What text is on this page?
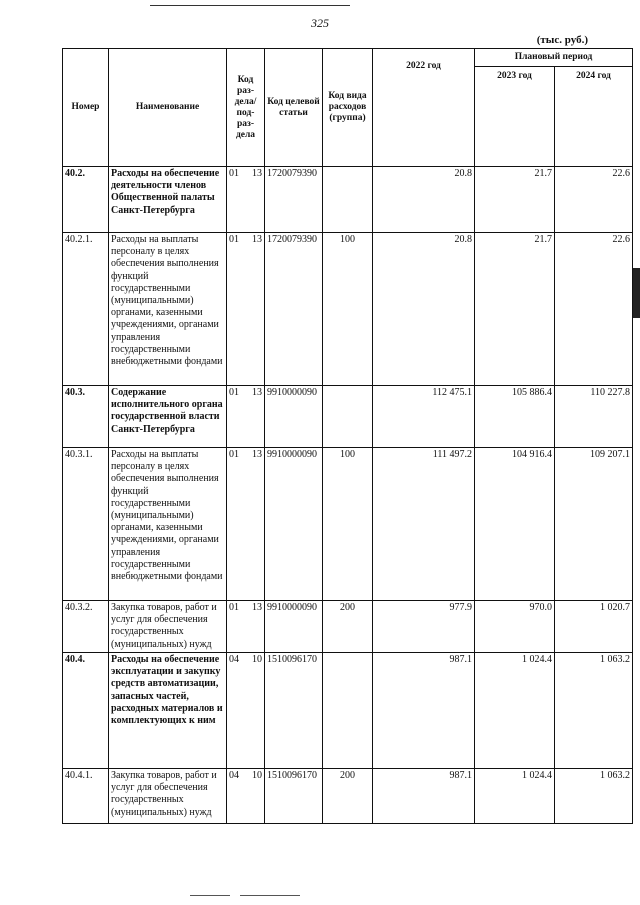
325
(тыс. руб.)
Номер	Наименование	Код раз-дела/ под-раз-дела	Код целевой статьи	Код вида расходов (группа)	2022 год	Плановый период	
						2023 год	2024 год
40.2.	Расходы на обеспечение деятельности членов Общественной палаты Санкт-Петербурга	01 13	1720079390		20.8	21.7	22.6
40.2.1.	Расходы на выплаты персоналу в целях обеспечения выполнения функций государственными (муниципальными) органами, казенными учреждениями, органами управления государственными внебюджетными фондами	01 13	1720079390	100	20.8	21.7	22.6
40.3.	Содержание исполнительного органа государственной власти Санкт-Петербурга	01 13	9910000090		112 475.1	105 886.4	110 227.8
40.3.1.	Расходы на выплаты персоналу в целях обеспечения выполнения функций государственными (муниципальными) органами, казенными учреждениями, органами управления государственными внебюджетными фондами	01 13	9910000090	100	111 497.2	104 916.4	109 207.1
40.3.2.	Закупка товаров, работ и услуг для обеспечения государственных (муниципальных) нужд	01 13	9910000090	200	977.9	970.0	1 020.7
40.4.	Расходы на обеспечение эксплуатации и закупку средств автоматизации, запасных частей, расходных материалов и комплектующих к ним	04 10	1510096170		987.1	1 024.4	1 063.2
40.4.1.	Закупка товаров, работ и услуг для обеспечения государственных (муниципальных) нужд	04 10	1510096170	200	987.1	1 024.4	1 063.2
